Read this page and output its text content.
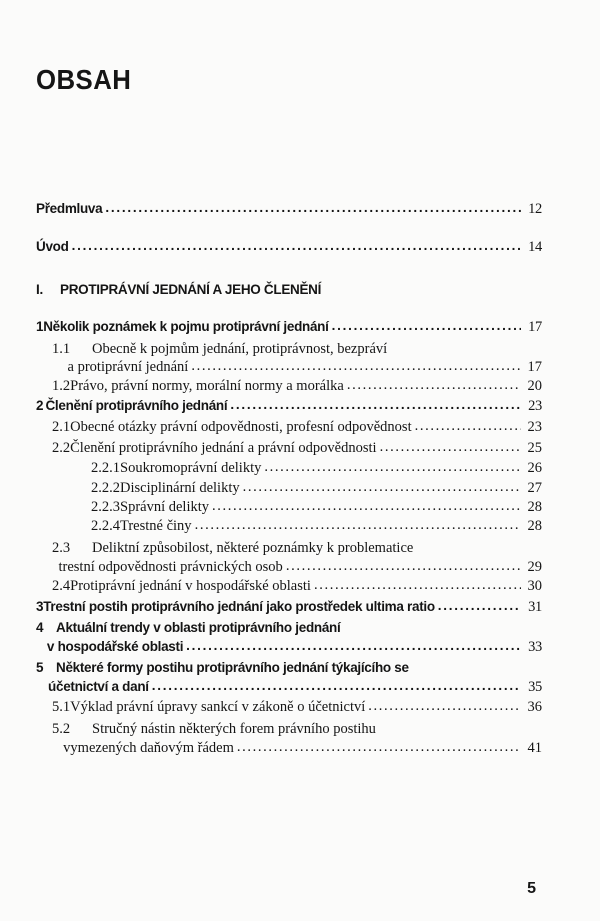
OBSAH
Předmluva . . .	12
Úvod . . .	14
I.	PROTIPRÁVNÍ JEDNÁNÍ A JEHO ČLENĚNÍ
1 Několik poznámek k pojmu protiprávní jednání . . .	17
1.1	Obecně k pojmům jednání, protiprávnost, bezpráví
a protiprávní jednání . . .	17
1.2 Právo, právní normy, morální normy a morálka . . .	20
2 Členění protiprávního jednání . . .	23
2.1 Obecné otázky právní odpovědnosti, profesní odpovědnost . . .	23
2.2 Členění protiprávního jednání a právní odpovědnosti . . .	25
2.2.1 Soukromoprávní delikty . . .	26
2.2.2 Disciplinární delikty . . .	27
2.2.3 Správní delikty . . .	28
2.2.4 Trestné činy . . .	28
2.3	Deliktní způsobilost, některé poznámky k problematice
trestní odpovědnosti právnických osob . . .	29
2.4 Protiprávní jednání v hospodářské oblasti . . .	30
3 Trestní postih protiprávního jednání jako prostředek ultima ratio . . .	31
4 Aktuální trendy v oblasti protiprávního jednání
v hospodářské oblasti . . .	33
5 Některé formy postihu protiprávního jednání týkajícího se
účetnictví a daní . . .	35
5.1 Výklad právní úpravy sankcí v zákoně o účetnictví . . .	36
5.2	Stručný nástin některých forem právního postihu
vymezených daňovým řádem . . .	41
5
